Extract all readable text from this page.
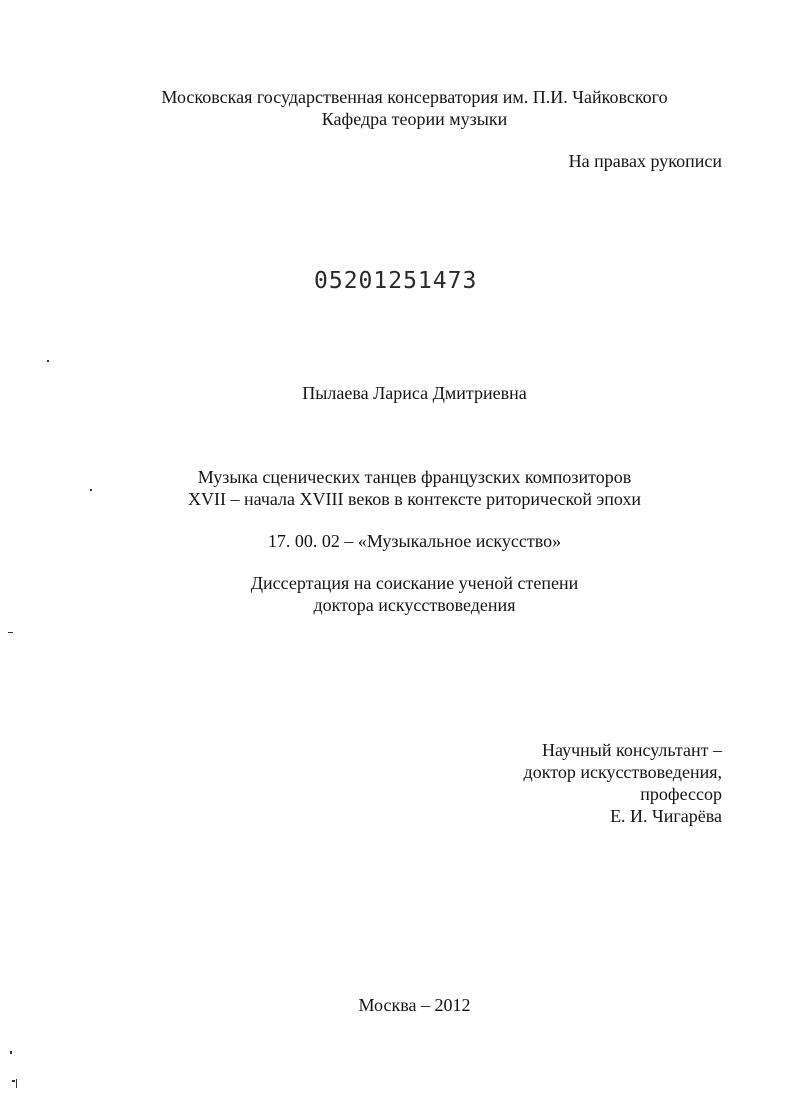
Московская государственная консерватория им. П.И. Чайковского
Кафедра теории музыки
На правах рукописи
05201251473
Пылаева Лариса Дмитриевна
Музыка сценических танцев французских композиторов
XVII – начала XVIII веков в контексте риторической эпохи
17. 00. 02 – «Музыкальное искусство»
Диссертация на соискание ученой степени
доктора искусствоведения
Научный консультант –
доктор искусствоведения,
профессор
Е. И. Чигарёва
Москва – 2012
